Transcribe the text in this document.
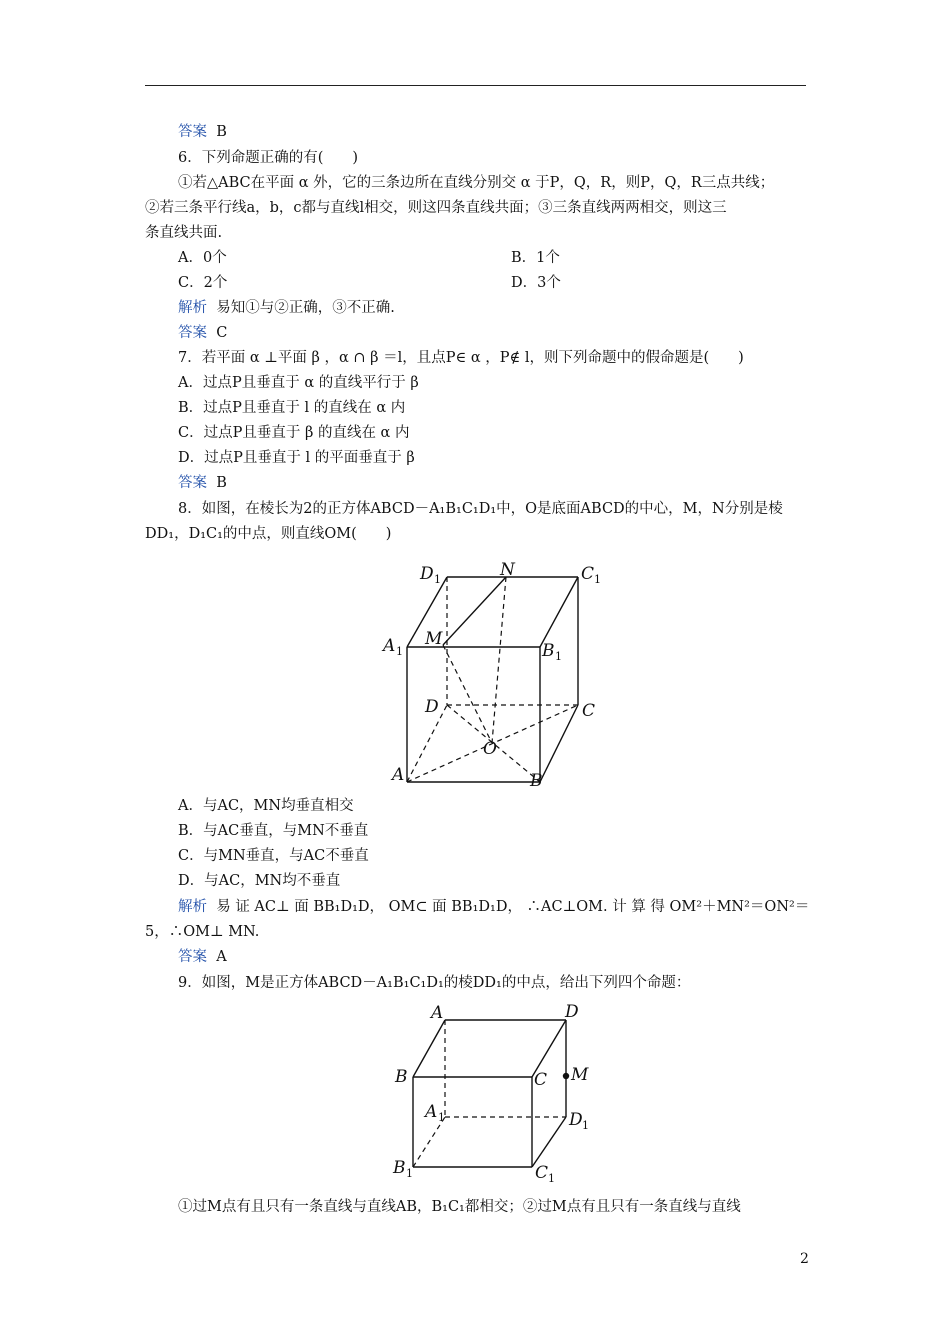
答案 B
6．下列命题正确的有(　　)
①若△ABC在平面 α 外，它的三条边所在直线分别交 α 于P，Q，R，则P，Q，R三点共线；
②若三条平行线a，b，c都与直线l相交，则这四条直线共面；③三条直线两两相交，则这三
条直线共面.
A．0个	B．1个
C．2个	D．3个
解析 易知①与②正确，③不正确.
答案 C
7．若平面 α ⊥平面 β ，α ∩ β ＝l，且点P∈ α ，P∉ l，则下列命题中的假命题是(　　)
A．过点P且垂直于 α 的直线平行于 β
B．过点P且垂直于 l 的直线在 α 内
C．过点P且垂直于 β 的直线在 α 内
D．过点P且垂直于 l 的平面垂直于 β
答案 B
8．如图，在棱长为2的正方体ABCD－A₁B₁C₁D₁中，O是底面ABCD的中心，M，N分别是棱
DD₁，D₁C₁的中点，则直线OM(　　)
D 1	N	C 1
A 1
M
B 1
D	C
O
A	B
A．与AC，MN均垂直相交
B．与AC垂直，与MN不垂直
C．与MN垂直，与AC不垂直
D．与AC，MN均不垂直
解析 易 证 AC⊥ 面 BB₁D₁D， OM⊂ 面 BB₁D₁D， ∴AC⊥OM. 计 算 得 OM²＋MN²＝ON²＝
5，∴OM⊥ MN.
答案 A
9．如图，M是正方体ABCD－A₁B₁C₁D₁的棱DD₁的中点，给出下列四个命题：
A	D
B	C M
A 1	D 1
B 1	C 1
①过M点有且只有一条直线与直线AB，B₁C₁都相交；②过M点有且只有一条直线与直线
2
